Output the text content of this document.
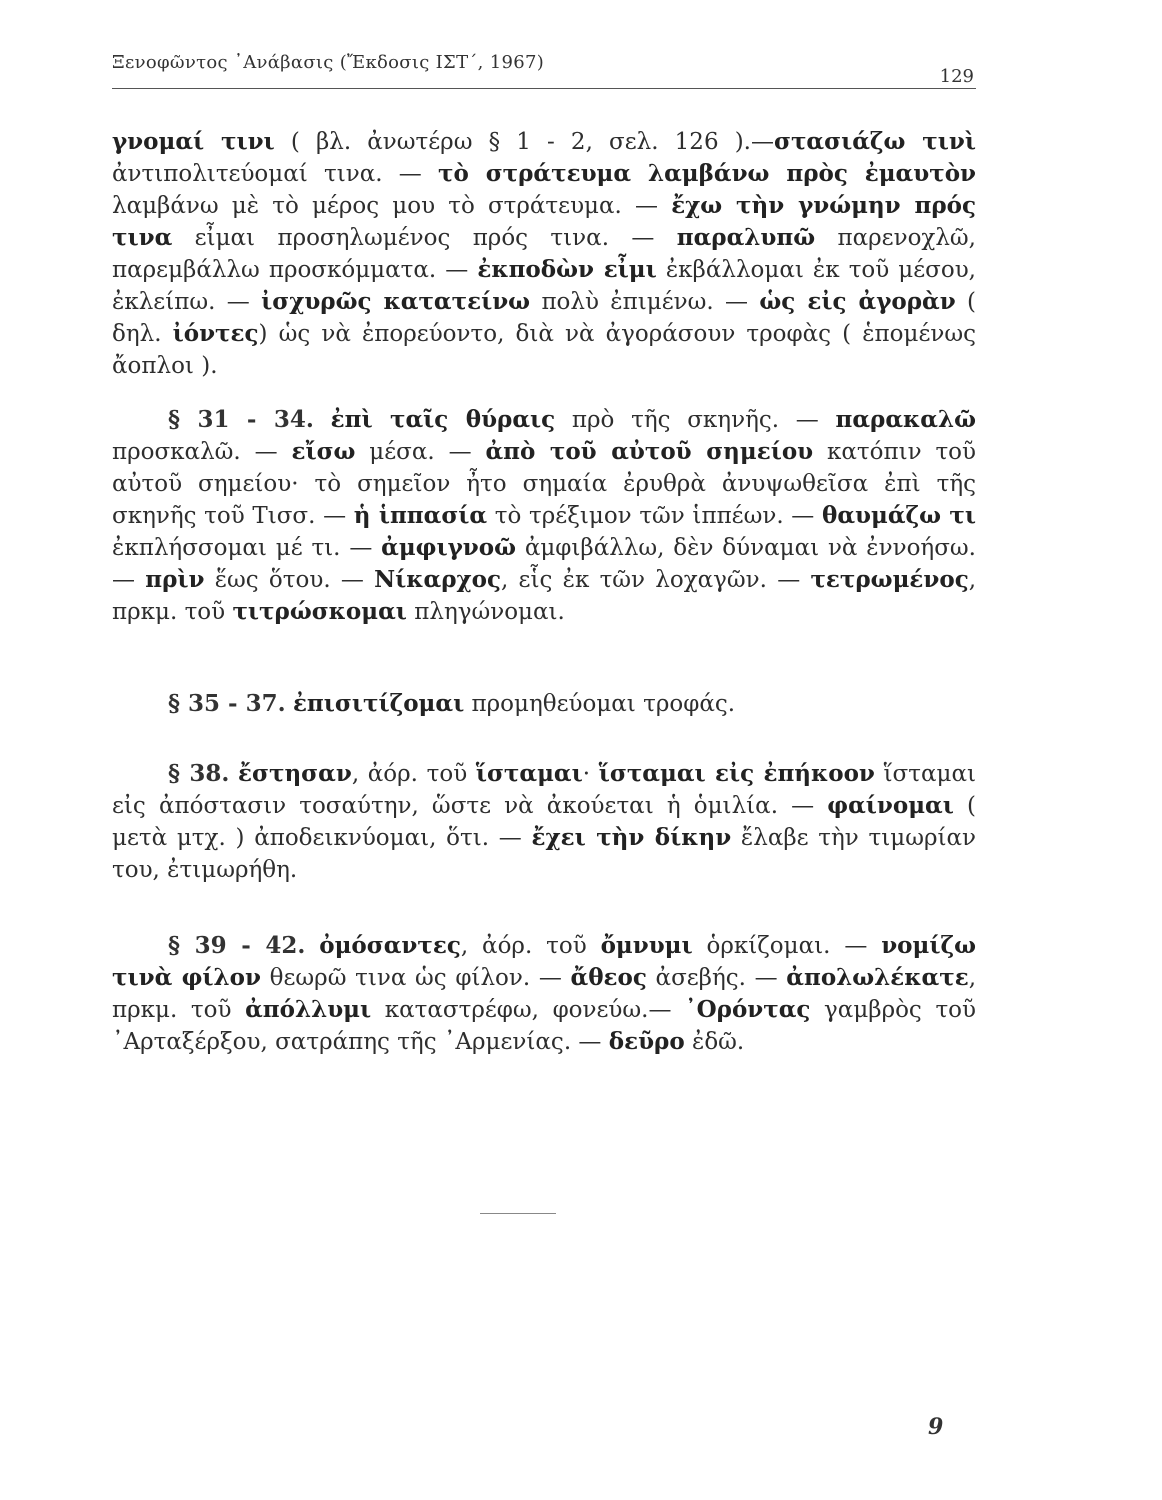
Ξενοφῶντος ᾿Ανάβασις (Ἔκδοσις ΙΣΤ΄, 1967)
129

γνομαί τινι ( βλ. ἀνωτέρω § 1 - 2, σελ. 126 ).—στασιάζω τινὶ ἀντιπολιτεύομαί τινα. — τὸ στράτευμα λαμβάνω πρὸς ἐμαυτὸν λαμβάνω μὲ τὸ μέρος μου τὸ στράτευμα. — ἔχω τὴν γνώμην πρός τινα εἶμαι προσηλωμένος πρός τινα. — παραλυπῶ παρενοχλῶ, παρεμβάλλω προσκόμματα. — ἐκποδὼν εἶμι ἐκβάλλομαι ἐκ τοῦ μέσου, ἐκλείπω. — ἰσχυρῶς κατατείνω πολὺ ἐπιμένω. — ὡς εἰς ἀγορὰν ( δηλ. ἰόντες) ὡς νὰ ἐπορεύοντο, διὰ νὰ ἀγοράσουν τροφὰς ( ἑπομένως ἄοπλοι ).

§ 31 - 34. ἐπὶ ταῖς θύραις πρὸ τῆς σκηνῆς. — παρακαλῶ προσκαλῶ. — εἴσω μέσα. — ἀπὸ τοῦ αὐτοῦ σημείου κατόπιν τοῦ αὐτοῦ σημείου· τὸ σημεῖον ἦτο σημαία ἐρυθρὰ ἀνυψωθεῖσα ἐπὶ τῆς σκηνῆς τοῦ Τισσ. — ἡ ἱππασία τὸ τρέξιμον τῶν ἱππέων. — θαυμάζω τι ἐκπλήσσομαι μέ τι. — ἀμφιγνοῶ ἀμφιβάλλω, δὲν δύναμαι νὰ ἐννοήσω. — πρὶν ἕως ὅτου. — Νίκαρχος, εἷς ἐκ τῶν λοχαγῶν. — τετρωμένος, πρκμ. τοῦ τιτρώσκομαι πληγώνομαι.

§ 35 - 37. ἐπισιτίζομαι προμηθεύομαι τροφάς.

§ 38. ἔστησαν, ἀόρ. τοῦ ἵσταμαι· ἵσταμαι εἰς ἐπήκοον ἵσταμαι εἰς ἀπόστασιν τοσαύτην, ὥστε νὰ ἀκούεται ἡ ὁμιλία. — φαίνομαι ( μετὰ μτχ. ) ἀποδεικνύομαι, ὅτι. — ἔχει τὴν δίκην ἔλαβε τὴν τιμωρίαν του, ἐτιμωρήθη.

§ 39 - 42. ὀμόσαντες, ἀόρ. τοῦ ὄμνυμι ὁρκίζομαι. — νομίζω τινὰ φίλον θεωρῶ τινα ὡς φίλον. — ἄθεος ἀσεβής. — ἀπολωλέκατε, πρκμ. τοῦ ἀπόλλυμι καταστρέφω, φονεύω.— ᾿Ορόντας γαμβρὸς τοῦ ᾿Αρταξέρξου, σατράπης τῆς ᾿Αρμενίας. — δεῦρο ἐδῶ.

9
